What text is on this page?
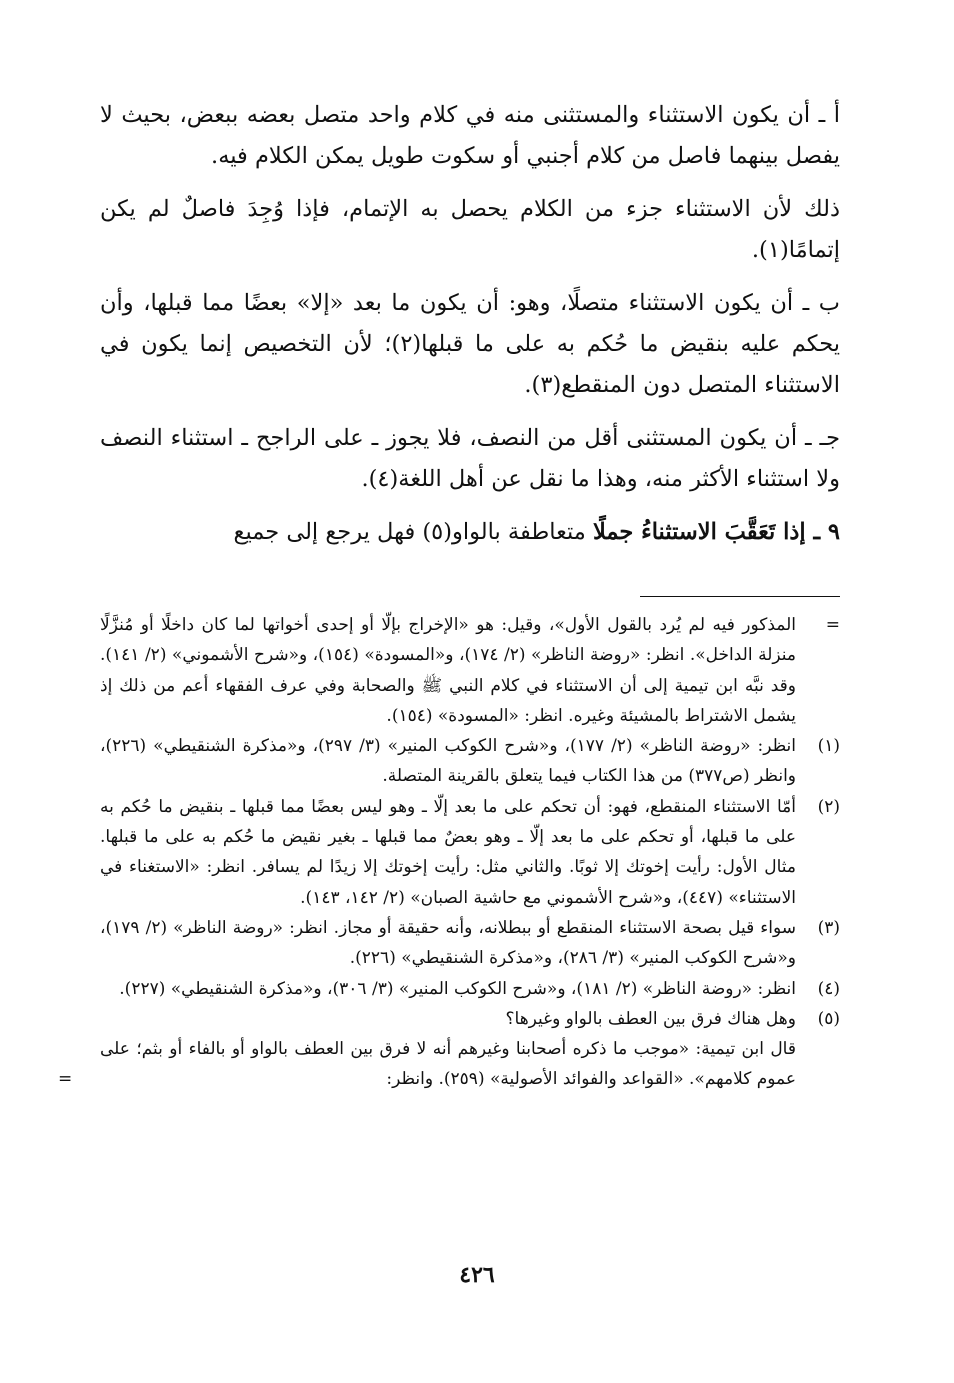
أ ـ أن يكون الاستثناء والمستثنى منه في كلام واحد متصل بعضه ببعض، بحيث لا يفصل بينهما فاصل من كلام أجنبي أو سكوت طويل يمكن الكلام فيه.

ذلك لأن الاستثناء جزء من الكلام يحصل به الإتمام، فإذا وُجِدَ فاصلٌ لم يكن إتمامًا(١).

ب ـ أن يكون الاستثناء متصلًا، وهو: أن يكون ما بعد «إلا» بعضًا مما قبلها، وأن يحكم عليه بنقيض ما حُكم به على ما قبلها(٢)؛ لأن التخصيص إنما يكون في الاستثناء المتصل دون المنقطع(٣).

جـ ـ أن يكون المستثنى أقل من النصف، فلا يجوز ـ على الراجح ـ استثناء النصف ولا استثناء الأكثر منه، وهذا ما نقل عن أهل اللغة(٤).

٩ ـ إذا تَعَقَّبَ الاستثناءُ جملًا متعاطفة بالواو(٥) فهل يرجع إلى جميع

=
المذكور فيه لم يُرد بالقول الأول»، وقيل: هو «الإخراج بإلّا أو إحدى أخواتها لما كان داخلًا أو مُنزَّلًا منزلة الداخل». انظر: «روضة الناظر» (٢/ ١٧٤)، و«المسودة» (١٥٤)، و«شرح الأشموني» (٢/ ١٤١). وقد نبَّه ابن تيمية إلى أن الاستثناء في كلام النبي ﷺ والصحابة وفي عرف الفقهاء أعم من ذلك إذ يشمل الاشتراط بالمشيئة وغيره. انظر: «المسودة» (١٥٤).
(١)
انظر: «روضة الناظر» (٢/ ١٧٧)، و«شرح الكوكب المنير» (٣/ ٢٩٧)، و«مذكرة الشنقيطي» (٢٢٦)، وانظر (ص٣٧٧) من هذا الكتاب فيما يتعلق بالقرينة المتصلة.
(٢)
أمّا الاستثناء المنقطع، فهو: أن تحكم على ما بعد إلّا ـ وهو ليس بعضًا مما قبلها ـ بنقيض ما حُكم به على ما قبلها، أو تحكم على ما بعد إلّا ـ وهو بعضٌ مما قبلها ـ بغير نقيض ما حُكم به على ما قبلها. مثال الأول: رأيت إخوتك إلا ثوبًا. والثاني مثل: رأيت إخوتك إلا زيدًا لم يسافر. انظر: «الاستغناء في الاستثناء» (٤٤٧)، و«شرح الأشموني مع حاشية الصبان» (٢/ ١٤٢، ١٤٣).
(٣)
سواء قيل بصحة الاستثناء المنقطع أو ببطلانه، وأنه حقيقة أو مجاز. انظر: «روضة الناظر» (٢/ ١٧٩)، و«شرح الكوكب المنير» (٣/ ٢٨٦)، و«مذكرة الشنقيطي» (٢٢٦).
(٤)
انظر: «روضة الناظر» (٢/ ١٨١)، و«شرح الكوكب المنير» (٣/ ٣٠٦)، و«مذكرة الشنقيطي» (٢٢٧).
(٥)
وهل هناك فرق بين العطف بالواو وغيرها؟
قال ابن تيمية: «موجب ما ذكره أصحابنا وغيرهم أنه لا فرق بين العطف بالواو أو بالفاء أو بثم؛ على عموم كلامهم». «القواعد والفوائد الأصولية» (٢٥٩). وانظر:
=
٤٢٦
